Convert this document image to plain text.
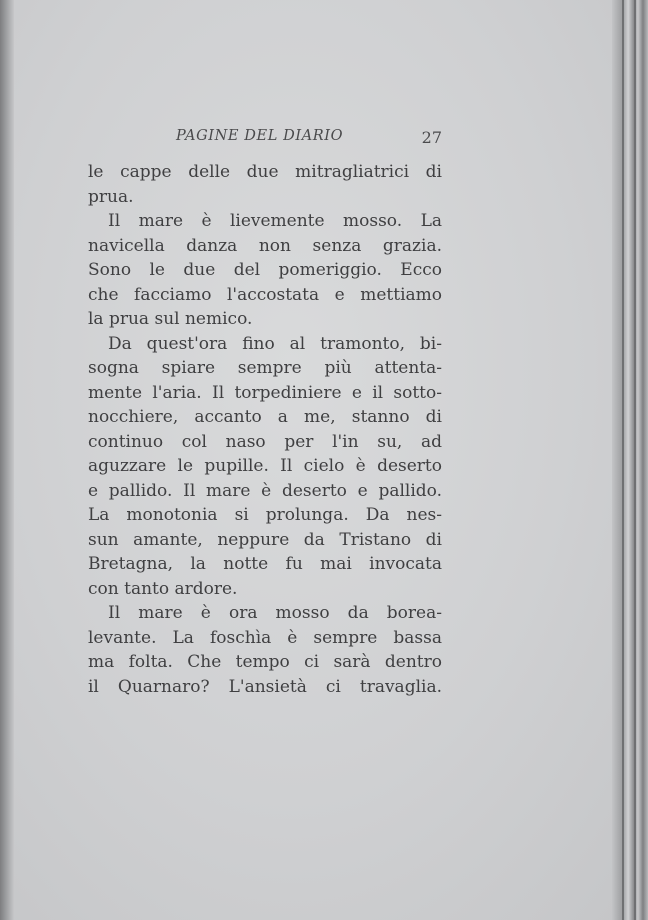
PAGINE DEL DIARIO	27
le cappe delle due mitragliatrici di
prua.
Il mare è lievemente mosso. La
navicella danza non senza grazia.
Sono le due del pomeriggio. Ecco
che facciamo l'accostata e mettiamo
la prua sul nemico.
Da quest'ora fino al tramonto, bi-
sogna spiare sempre più attenta-
mente l'aria. Il torpediniere e il sotto-
nocchiere, accanto a me, stanno di
continuo col naso per l'in su, ad
aguzzare le pupille. Il cielo è deserto
e pallido. Il mare è deserto e pallido.
La monotonia si prolunga. Da nes-
sun amante, neppure da Tristano di
Bretagna, la notte fu mai invocata
con tanto ardore.
Il mare è ora mosso da borea-
levante. La foschìa è sempre bassa
ma folta. Che tempo ci sarà dentro
il Quarnaro? L'ansietà ci travaglia.
